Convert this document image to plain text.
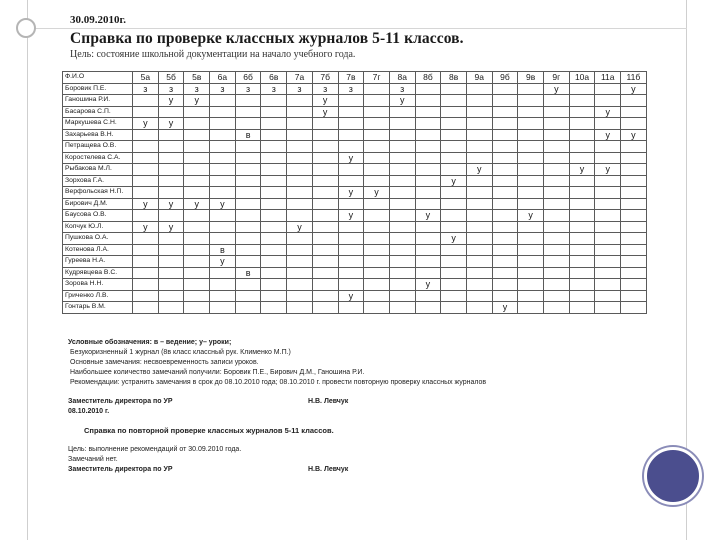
30.09.2010г.
Справка по проверке классных журналов 5-11 классов.
Цель: состояние школьной документации на начало учебного года.
Ф.И.О	5а	5б	5в	6а	6б	6в	7а	7б	7в	7г	8а	8б	8в	9а	9б	9в	9г	10а	11а	11б
Боровик П.Е.	з	з	з	з	з	з	з	з	з		з						у			у
Ганошина Р.И.		у	у					у			у									
Басарова С.П.								у											у	
Маркушева С.Н.	у	у																		
Захарьева В.Н.					в														у	у
Петращева О.В.																				
Коростелева С.А.									у											
Рыбакова М.Л.														у				у	у	
Зорхова Г.А.													у							
Верфольская Н.П.									у	у										
Бирович Д.М.	у	у	у	у																
Баусова О.В.									у			у				у				
Копчук Ю.Л.	у	у					у													
Пушкова О.А.													у							
Котенова Л.А.				в																
Гуреева Н.А.				у																
Кудрявцева В.С.					в															
Зорова Н.Н.												у								
Гриченко Л.В.									у											
Гонтарь В.М.															у					
Условные обозначения: в – ведение; у– уроки;
Безукоризненный 1 журнал (8в класс классный рук. Клименко М.П.)
Основные замечания: несвоевременность записи уроков.
Наибольшее количество замечаний получили: Боровик П.Е., Бирович Д.М., Ганошина Р.И.
Рекомендации: устранить замечания в срок до 08.10.2010 года; 08.10.2010 г. провести повторную проверку классных журналов
Заместитель директора по УР	Н.В. Левчук
08.10.2010 г.
Справка по повторной проверке классных журналов 5-11 классов.
Цель: выполнение рекомендаций от 30.09.2010 года.
Замечаний нет.
Заместитель директора по УР	Н.В. Левчук
